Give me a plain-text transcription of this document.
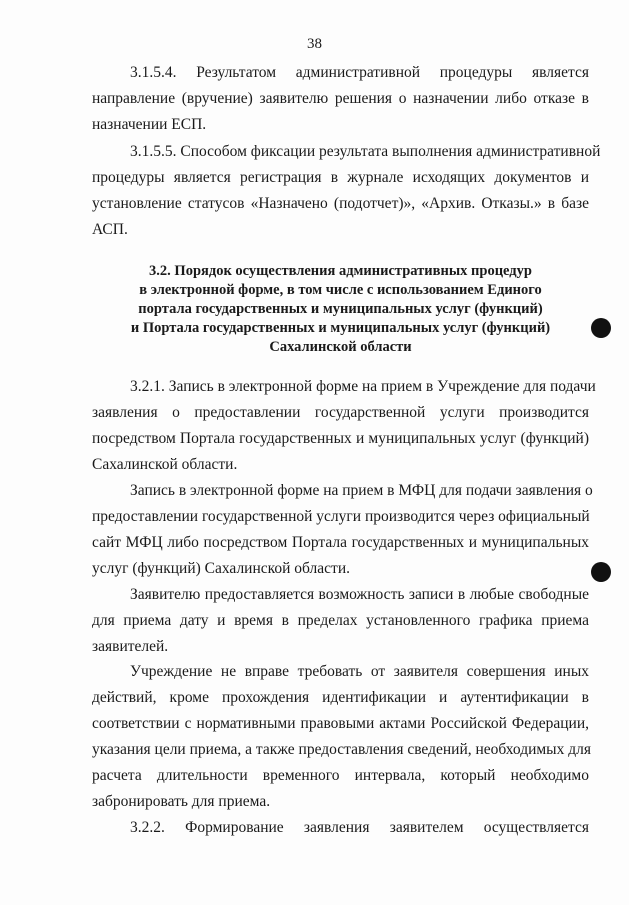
38
3.1.5.4. Результатом административной процедуры является
направление (вручение) заявителю решения о назначении либо отказе в
назначении ЕСП.
3.1.5.5. Способом фиксации результата выполнения административной
процедуры является регистрация в журнале исходящих документов и
установление статусов «Назначено (подотчет)», «Архив. Отказы.» в базе
АСП.
3.2. Порядок осуществления административных процедур
в электронной форме, в том числе с использованием Единого
портала государственных и муниципальных услуг (функций)
и Портала государственных и муниципальных услуг (функций)
Сахалинской области
3.2.1. Запись в электронной форме на прием в Учреждение для подачи
заявления о предоставлении государственной услуги производится
посредством Портала государственных и муниципальных услуг (функций)
Сахалинской области.
Запись в электронной форме на прием в МФЦ для подачи заявления о
предоставлении государственной услуги производится через официальный
сайт МФЦ либо посредством Портала государственных и муниципальных
услуг (функций) Сахалинской области.
Заявителю предоставляется возможность записи в любые свободные
для приема дату и время в пределах установленного графика приема
заявителей.
Учреждение не вправе требовать от заявителя совершения иных
действий, кроме прохождения идентификации и аутентификации в
соответствии с нормативными правовыми актами Российской Федерации,
указания цели приема, а также предоставления сведений, необходимых для
расчета длительности временного интервала, который необходимо
забронировать для приема.
3.2.2. Формирование заявления заявителем осуществляется
